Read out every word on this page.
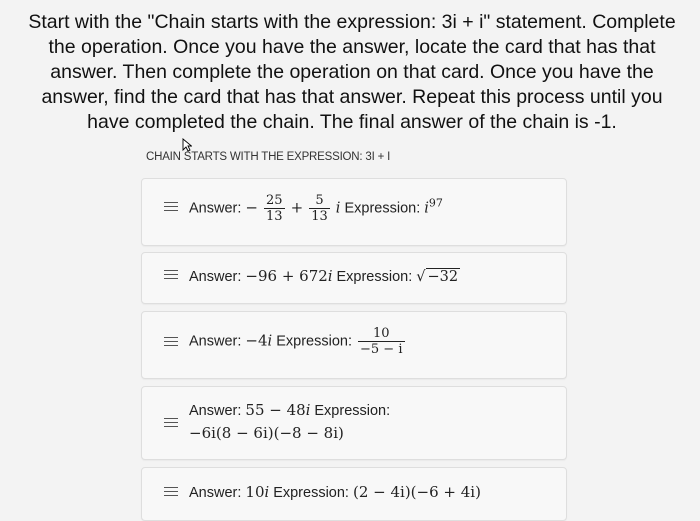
Start with the "Chain starts with the expression: 3i + i" statement. Complete the operation. Once you have the answer, locate the card that has that answer. Then complete the operation on that card. Once you have the answer, find the card that has that answer. Repeat this process until you have completed the chain. The final answer of the chain is -1.
CHAIN STARTS WITH THE EXPRESSION: 3I + I
Answer: − $\frac{25}{13} + \frac{5}{13}$ i Expression: $i^{97}$
Answer: −96 + 672i Expression: √ −32
Answer: −4i Expression: $\frac{10}{-5 - i}$
Answer: 55 − 48i Expression:
−6i(8 − 6i)(−8 − 8i)
Answer: 10i Expression: (2 − 4i)(−6 + 4i)
